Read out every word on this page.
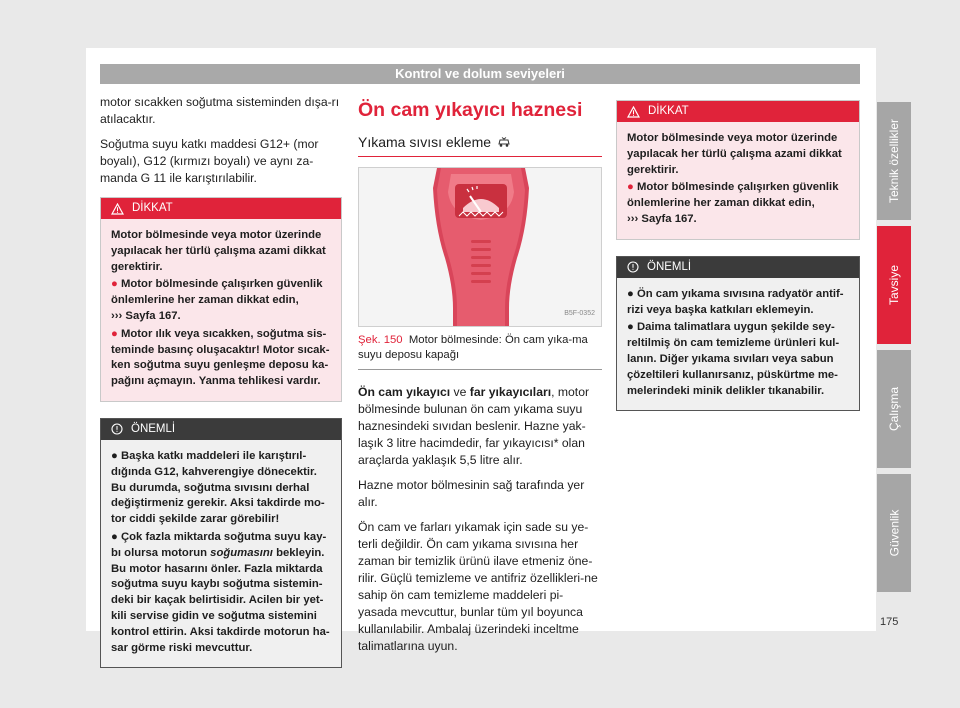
Kontrol ve dolum seviyeleri

motor sıcakken soğutma sisteminden dışa-rı atılacaktır.

Soğutma suyu katkı maddesi G12+ (mor boyalı), G12 (kırmızı boyalı) ve aynı za-manda G 11 ile karıştırılabilir.

DİKKAT
Motor bölmesinde veya motor üzerinde yapılacak her türlü çalışma azami dikkat gerektirir.
● Motor bölmesinde çalışırken güvenlik önlemlerine her zaman dikkat edin,
››› Sayfa 167.
● Motor ılık veya sıcakken, soğutma sis-teminde basınç oluşacaktır! Motor sıcak-ken soğutma suyu genleşme deposu ka-pağını açmayın. Yanma tehlikesi vardır.
ÖNEMLİ
● Başka katkı maddeleri ile karıştırıl-dığında G12, kahverengiye dönecektir. Bu durumda, soğutma sıvısını derhal değiştirmeniz gerekir. Aksi takdirde mo-tor ciddi şekilde zarar görebilir!
● Çok fazla miktarda soğutma suyu kay-bı olursa motorun soğumasını bekleyin. Bu motor hasarını önler. Fazla miktarda soğutma suyu kaybı soğutma sistemin-deki bir kaçak belirtisidir. Acilen bir yet-kili servise gidin ve soğutma sistemini kontrol ettirin. Aksi takdirde motorun ha-sar görme riski mevcuttur.
Ön cam yıkayıcı haznesi
Yıkama sıvısı ekleme
B5F-0352
Şek. 150 Motor bölmesinde: Ön cam yıka-ma suyu deposu kapağı

Ön cam yıkayıcı ve far yıkayıcıları, motor bölmesinde bulunan ön cam yıkama suyu haznesindeki sıvıdan beslenir. Hazne yak-laşık 3 litre hacimdedir, far yıkayıcısı* olan araçlarda yaklaşık 5,5 litre alır.

Hazne motor bölmesinin sağ tarafında yer alır.

Ön cam ve farları yıkamak için sade su ye-terli değildir. Ön cam yıkama sıvısına her zaman bir temizlik ürünü ilave etmeniz öne-rilir. Güçlü temizleme ve antifriz özellikleri-ne sahip ön cam temizleme maddeleri pi-yasada mevcuttur, bunlar tüm yıl boyunca kullanılabilir. Ambalaj üzerindeki inceltme talimatlarına uyun.

DİKKAT
Motor bölmesinde veya motor üzerinde yapılacak her türlü çalışma azami dikkat gerektirir.
● Motor bölmesinde çalışırken güvenlik önlemlerine her zaman dikkat edin,
››› Sayfa 167.
ÖNEMLİ
● Ön cam yıkama sıvısına radyatör antif-rizi veya başka katkıları eklemeyin.
● Daima talimatlara uygun şekilde sey-reltilmiş ön cam temizleme ürünleri kul-lanın. Diğer yıkama sıvıları veya sabun çözeltileri kullanırsanız, püskürtme me-melerindeki minik delikler tıkanabilir.
Teknik özellikler
Tavsiye
Çalışma
Güvenlik
175
